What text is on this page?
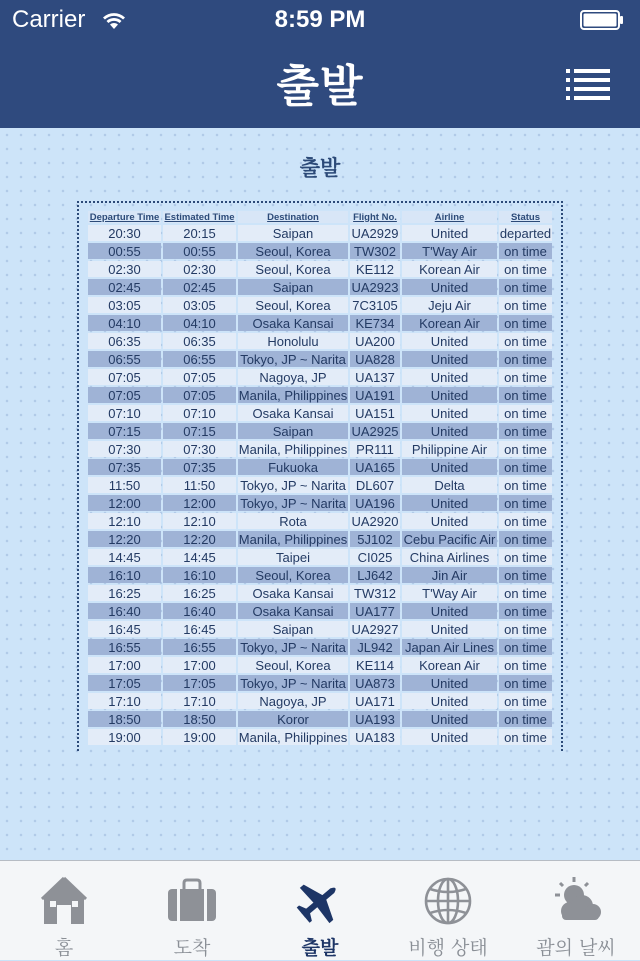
Carrier	8:59 PM
출발
출발
Departure Time	Estimated Time	Destination	Flight No.	Airline	Status
20:30	20:15	Saipan	UA2929	United	departed
00:55	00:55	Seoul, Korea	TW302	T'Way Air	on time
02:30	02:30	Seoul, Korea	KE112	Korean Air	on time
02:45	02:45	Saipan	UA2923	United	on time
03:05	03:05	Seoul, Korea	7C3105	Jeju Air	on time
04:10	04:10	Osaka Kansai	KE734	Korean Air	on time
06:35	06:35	Honolulu	UA200	United	on time
06:55	06:55	Tokyo, JP ~ Narita	UA828	United	on time
07:05	07:05	Nagoya, JP	UA137	United	on time
07:05	07:05	Manila, Philippines	UA191	United	on time
07:10	07:10	Osaka Kansai	UA151	United	on time
07:15	07:15	Saipan	UA2925	United	on time
07:30	07:30	Manila, Philippines	PR111	Philippine Air	on time
07:35	07:35	Fukuoka	UA165	United	on time
11:50	11:50	Tokyo, JP ~ Narita	DL607	Delta	on time
12:00	12:00	Tokyo, JP ~ Narita	UA196	United	on time
12:10	12:10	Rota	UA2920	United	on time
12:20	12:20	Manila, Philippines	5J102	Cebu Pacific Air	on time
14:45	14:45	Taipei	CI025	China Airlines	on time
16:10	16:10	Seoul, Korea	LJ642	Jin Air	on time
16:25	16:25	Osaka Kansai	TW312	T'Way Air	on time
16:40	16:40	Osaka Kansai	UA177	United	on time
16:45	16:45	Saipan	UA2927	United	on time
16:55	16:55	Tokyo, JP ~ Narita	JL942	Japan Air Lines	on time
17:00	17:00	Seoul, Korea	KE114	Korean Air	on time
17:05	17:05	Tokyo, JP ~ Narita	UA873	United	on time
17:10	17:10	Nagoya, JP	UA171	United	on time
18:50	18:50	Koror	UA193	United	on time
19:00	19:00	Manila, Philippines	UA183	United	on time
홈	도착	출발	비행 상태	괌의 날씨
